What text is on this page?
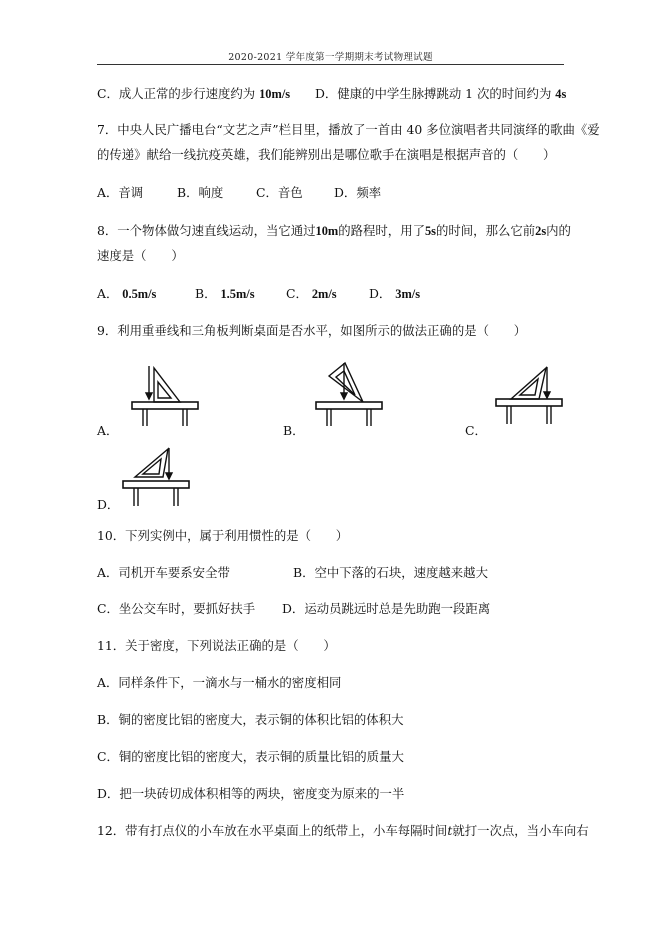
2020-2021 学年度第一学期期末考试物理试题
C．成人正常的步行速度约为 10m/s D．健康的中学生脉搏跳动 1 次的时间约为 4s
7．中央人民广播电台“文艺之声”栏目里，播放了一首由 40 多位演唱者共同演绎的歌曲《爱
的传递》献给一线抗疫英雄，我们能辨别出是哪位歌手在演唱是根据声音的（　　）
A．音调	B．响度	C．音色	D．频率
8．一个物体做匀速直线运动，当它通过10m的路程时，用了5s的时间，那么它前2s内的
速度是（　　）
A． 0.5m/s	B． 1.5m/s	C． 2m/s	D． 3m/s
9．利用重垂线和三角板判断桌面是否水平，如图所示的做法正确的是（　　）
A．	B．	C．
D．
10．下列实例中，属于利用惯性的是（　　）
A．司机开车要系安全带	B．空中下落的石块，速度越来越大
C．坐公交车时，要抓好扶手 D．运动员跳远时总是先助跑一段距离
11．关于密度，下列说法正确的是（　　）
A．同样条件下，一滴水与一桶水的密度相同
B．铜的密度比铝的密度大，表示铜的体积比铝的体积大
C．铜的密度比铝的密度大，表示铜的质量比铝的质量大
D．把一块砖切成体积相等的两块，密度变为原来的一半
12．带有打点仪的小车放在水平桌面上的纸带上，小车每隔时间t就打一次点，当小车向右
